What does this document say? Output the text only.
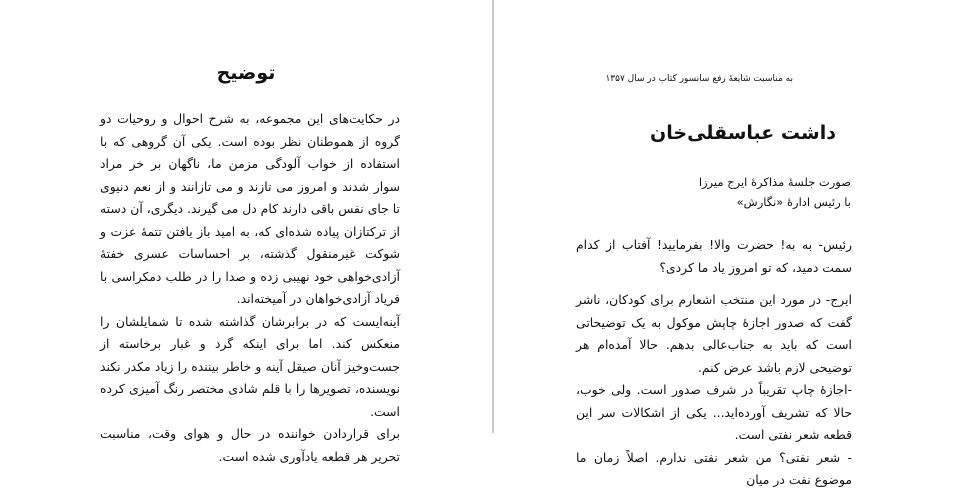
توضیح

در حکایت‌های این مجموعه، به شرح احوال و روحیات دو گروه از هموطنان نظر بوده است. یکی آن گروهی که با استفاده از خواب آلودگی مزمن ما، ناگهان بر خر مراد سوار شدند و امروز می تازند و می تازانند و از نعم دنیوی تا جای نفس باقی دارند کام دل می گیرند. دیگری، آن دسته از ترکتازان پیاده شده‌ای که، به امید باز یافتن تتمهٔ عزت و شوکت غیرمنقول گذشته، بر احساسات عسری خفتهٔ آزادی‌خواهی خود نهیبی زده و صدا را در طلب دمکراسی با فریاد آزادی‌خواهان در آمیخته‌اند.

آینه‌ایست که در برابرشان گذاشته شده تا شمایلشان را منعکس کند. اما برای اینکه گرد و غبار برخاسته از جست‌وخیز آنان صیقل آینه و خاطر بیننده را زیاد مکدر نکند نویسنده، تصویرها را با قلم شادی مختصر رنگ آمیزی کرده است.

برای قراردادن خواننده در حال و هوای وقت، مناسبت تحریر هر قطعه یادآوری شده است.

به مناسبت شایعهٔ رفع سانسور کتاب در سال ۱۳۵۷
داشت عباسقلی‌خان
صورت جلسهٔ مذاکرهٔ ایرج میرزا
با رئیس ادارهٔ «نگارش»

رئیس- به به! حضرت والا! بفرمایید! آفتاب از کدام سمت دمید، که تو امروز یاد ما کردی؟

ایرج- در مورد این منتخب اشعارم برای کودکان، ناشر گفت که صدور اجازهٔ چاپش موکول به یک توضیحاتی است که باید به جناب‌عالی بدهم. حالا آمده‌ام هر توضیحی لازم باشد عرض کنم.

-اجازهٔ چاپ تقریباً در شرف صدور است. ولی خوب، حالا که تشریف آورده‌اید... یکی از اشکالات سر این قطعه شعر نفتی است.

- شعر نفتی؟ من شعر نفتی ندارم. اصلاً زمان ما موضوع نفت در میان
